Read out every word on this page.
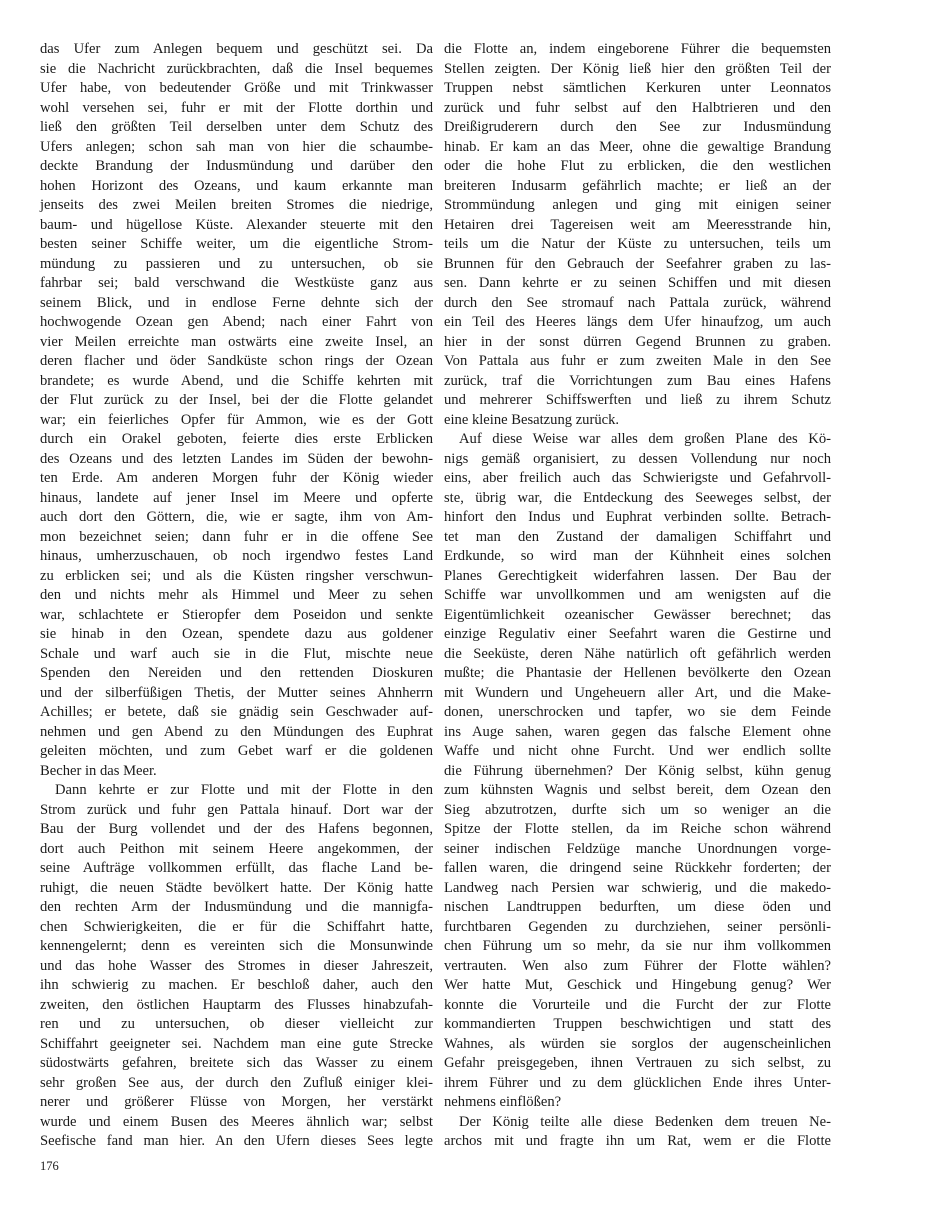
das Ufer zum Anlegen bequem und geschützt sei. Da
sie die Nachricht zurückbrachten, daß die Insel bequemes
Ufer habe, von bedeutender Größe und mit Trinkwasser
wohl versehen sei, fuhr er mit der Flotte dorthin und
ließ den größten Teil derselben unter dem Schutz des
Ufers anlegen; schon sah man von hier die schaumbe-
deckte Brandung der Indusmündung und darüber den
hohen Horizont des Ozeans, und kaum erkannte man
jenseits des zwei Meilen breiten Stromes die niedrige,
baum- und hügellose Küste. Alexander steuerte mit den
besten seiner Schiffe weiter, um die eigentliche Strom-
mündung zu passieren und zu untersuchen, ob sie
fahrbar sei; bald verschwand die Westküste ganz aus
seinem Blick, und in endlose Ferne dehnte sich der
hochwogende Ozean gen Abend; nach einer Fahrt von
vier Meilen erreichte man ostwärts eine zweite Insel, an
deren flacher und öder Sandküste schon rings der Ozean
brandete; es wurde Abend, und die Schiffe kehrten mit
der Flut zurück zu der Insel, bei der die Flotte gelandet
war; ein feierliches Opfer für Ammon, wie es der Gott
durch ein Orakel geboten, feierte dies erste Erblicken
des Ozeans und des letzten Landes im Süden der bewohn-
ten Erde. Am anderen Morgen fuhr der König wieder
hinaus, landete auf jener Insel im Meere und opferte
auch dort den Göttern, die, wie er sagte, ihm von Am-
mon bezeichnet seien; dann fuhr er in die offene See
hinaus, umherzuschauen, ob noch irgendwo festes Land
zu erblicken sei; und als die Küsten ringsher verschwun-
den und nichts mehr als Himmel und Meer zu sehen
war, schlachtete er Stieropfer dem Poseidon und senkte
sie hinab in den Ozean, spendete dazu aus goldener
Schale und warf auch sie in die Flut, mischte neue
Spenden den Nereiden und den rettenden Dioskuren
und der silberfüßigen Thetis, der Mutter seines Ahnherrn
Achilles; er betete, daß sie gnädig sein Geschwader auf-
nehmen und gen Abend zu den Mündungen des Euphrat
geleiten möchten, und zum Gebet warf er die goldenen
Becher in das Meer.
Dann kehrte er zur Flotte und mit der Flotte in den
Strom zurück und fuhr gen Pattala hinauf. Dort war der
Bau der Burg vollendet und der des Hafens begonnen,
dort auch Peithon mit seinem Heere angekommen, der
seine Aufträge vollkommen erfüllt, das flache Land be-
ruhigt, die neuen Städte bevölkert hatte. Der König hatte
den rechten Arm der Indusmündung und die mannigfa-
chen Schwierigkeiten, die er für die Schiffahrt hatte,
kennengelernt; denn es vereinten sich die Monsunwinde
und das hohe Wasser des Stromes in dieser Jahreszeit,
ihn schwierig zu machen. Er beschloß daher, auch den
zweiten, den östlichen Hauptarm des Flusses hinabzufah-
ren und zu untersuchen, ob dieser vielleicht zur
Schiffahrt geeigneter sei. Nachdem man eine gute Strecke
südostwärts gefahren, breitete sich das Wasser zu einem
sehr großen See aus, der durch den Zufluß einiger klei-
nerer und größerer Flüsse von Morgen, her verstärkt
wurde und einem Busen des Meeres ähnlich war; selbst
Seefische fand man hier. An den Ufern dieses Sees legte
die Flotte an, indem eingeborene Führer die bequemsten
Stellen zeigten. Der König ließ hier den größten Teil der
Truppen nebst sämtlichen Kerkuren unter Leonnatos
zurück und fuhr selbst auf den Halbtrieren und den
Dreißigruderern durch den See zur Indusmündung
hinab. Er kam an das Meer, ohne die gewaltige Brandung
oder die hohe Flut zu erblicken, die den westlichen
breiteren Indusarm gefährlich machte; er ließ an der
Strommündung anlegen und ging mit einigen seiner
Hetairen drei Tagereisen weit am Meeresstrande hin,
teils um die Natur der Küste zu untersuchen, teils um
Brunnen für den Gebrauch der Seefahrer graben zu las-
sen. Dann kehrte er zu seinen Schiffen und mit diesen
durch den See stromauf nach Pattala zurück, während
ein Teil des Heeres längs dem Ufer hinaufzog, um auch
hier in der sonst dürren Gegend Brunnen zu graben.
Von Pattala aus fuhr er zum zweiten Male in den See
zurück, traf die Vorrichtungen zum Bau eines Hafens
und mehrerer Schiffswerften und ließ zu ihrem Schutz
eine kleine Besatzung zurück.
Auf diese Weise war alles dem großen Plane des Kö-
nigs gemäß organisiert, zu dessen Vollendung nur noch
eins, aber freilich auch das Schwierigste und Gefahrvoll-
ste, übrig war, die Entdeckung des Seeweges selbst, der
hinfort den Indus und Euphrat verbinden sollte. Betrach-
tet man den Zustand der damaligen Schiffahrt und
Erdkunde, so wird man der Kühnheit eines solchen
Planes Gerechtigkeit widerfahren lassen. Der Bau der
Schiffe war unvollkommen und am wenigsten auf die
Eigentümlichkeit ozeanischer Gewässer berechnet; das
einzige Regulativ einer Seefahrt waren die Gestirne und
die Seeküste, deren Nähe natürlich oft gefährlich werden
mußte; die Phantasie der Hellenen bevölkerte den Ozean
mit Wundern und Ungeheuern aller Art, und die Make-
donen, unerschrocken und tapfer, wo sie dem Feinde
ins Auge sahen, waren gegen das falsche Element ohne
Waffe und nicht ohne Furcht. Und wer endlich sollte
die Führung übernehmen? Der König selbst, kühn genug
zum kühnsten Wagnis und selbst bereit, dem Ozean den
Sieg abzutrotzen, durfte sich um so weniger an die
Spitze der Flotte stellen, da im Reiche schon während
seiner indischen Feldzüge manche Unordnungen vorge-
fallen waren, die dringend seine Rückkehr forderten; der
Landweg nach Persien war schwierig, und die makedo-
nischen Landtruppen bedurften, um diese öden und
furchtbaren Gegenden zu durchziehen, seiner persönli-
chen Führung um so mehr, da sie nur ihm vollkommen
vertrauten. Wen also zum Führer der Flotte wählen?
Wer hatte Mut, Geschick und Hingebung genug? Wer
konnte die Vorurteile und die Furcht der zur Flotte
kommandierten Truppen beschwichtigen und statt des
Wahnes, als würden sie sorglos der augenscheinlichen
Gefahr preisgegeben, ihnen Vertrauen zu sich selbst, zu
ihrem Führer und zu dem glücklichen Ende ihres Unter-
nehmens einflößen?
Der König teilte alle diese Bedenken dem treuen Ne-
archos mit und fragte ihn um Rat, wem er die Flotte
176
